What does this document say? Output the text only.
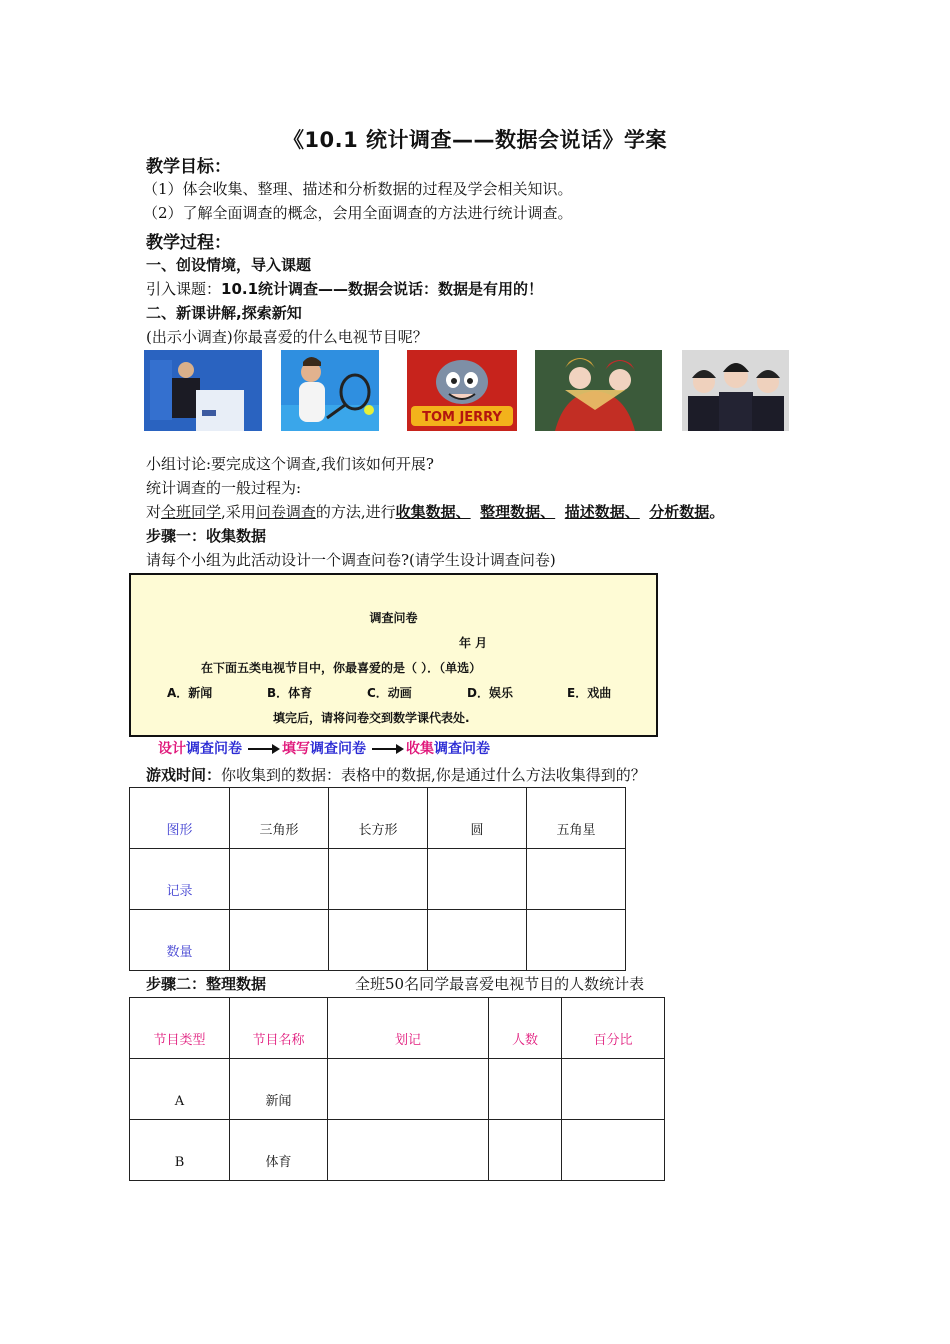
《10.1 统计调查——数据会说话》学案
教学目标：
（1）体会收集、整理、描述和分析数据的过程及学会相关知识。
（2）了解全面调查的概念，会用全面调查的方法进行统计调查。
教学过程：
一、创设情境，导入课题
引入课题：10.1统计调查——数据会说话：数据是有用的！
二、新课讲解,探索新知
(出示小调查)你最喜爱的什么电视节目呢？
TOM JERRY
小组讨论:要完成这个调查,我们该如何开展?
统计调查的一般过程为:
对全班同学,采用问卷调查的方法,进行收集数据、 整理数据、 描述数据、 分析数据。
步骤一：收集数据
请每个小组为此活动设计一个调查问卷?(请学生设计调查问卷)
调查问卷
年 月
在下面五类电视节目中，你最喜爱的是（ ）．（单选）
A．新闻	B．体育	C．动画	D．娱乐	E．戏曲
填完后，请将问卷交到数学课代表处.
设计调查问卷	填写调查问卷	收集调查问卷
游戏时间：你收集到的数据：表格中的数据,你是通过什么方法收集得到的？
图形	三角形	长方形	圆	五角星
记录				
数量				
步骤二：整理数据	全班50名同学最喜爱电视节目的人数统计表
节目类型	节目名称	划记	人数	百分比
A	新闻			
B	体育			
